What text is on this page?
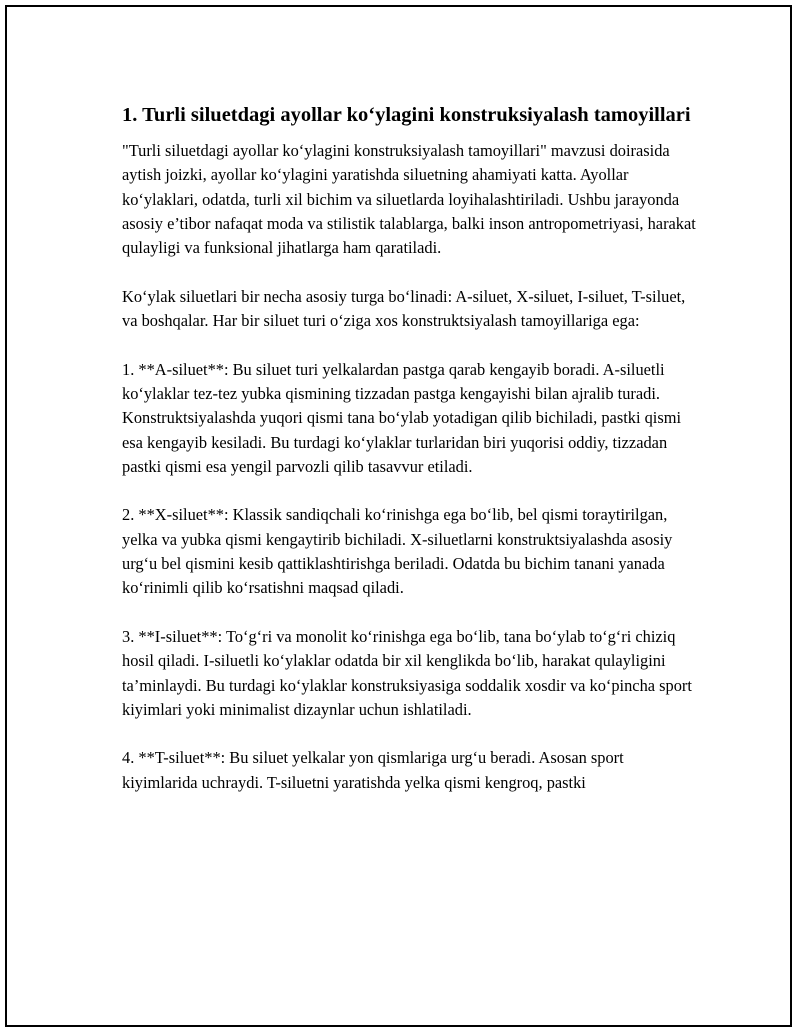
1. Turli siluetdagi ayollar ko‘ylagini konstruksiyalash tamoyillari

"Turli siluetdagi ayollar ko‘ylagini konstruksiyalash tamoyillari" mavzusi doirasida aytish joizki, ayollar ko‘ylagini yaratishda siluetning ahamiyati katta. Ayollar ko‘ylaklari, odatda, turli xil bichim va siluetlarda loyihalashtiriladi. Ushbu jarayonda asosiy e’tibor nafaqat moda va stilistik talablarga, balki inson antropometriyasi, harakat qulayligi va funksional jihatlarga ham qaratiladi.

Ko‘ylak siluetlari bir necha asosiy turga bo‘linadi: A-siluet, X-siluet, I-siluet, T-siluet, va boshqalar. Har bir siluet turi o‘ziga xos konstruktsiyalash tamoyillariga ega:

1. **A-siluet**: Bu siluet turi yelkalardan pastga qarab kengayib boradi. A-siluetli ko‘ylaklar tez-tez yubka qismining tizzadan pastga kengayishi bilan ajralib turadi. Konstruktsiyalashda yuqori qismi tana bo‘ylab yotadigan qilib bichiladi, pastki qismi esa kengayib kesiladi. Bu turdagi ko‘ylaklar turlaridan biri yuqorisi oddiy, tizzadan pastki qismi esa yengil parvozli qilib tasavvur etiladi.

2. **X-siluet**: Klassik sandiqchali ko‘rinishga ega bo‘lib, bel qismi toraytirilgan, yelka va yubka qismi kengaytirib bichiladi. X-siluetlarni konstruktsiyalashda asosiy urg‘u bel qismini kesib qattiklashtirishga beriladi. Odatda bu bichim tanani yanada ko‘rinimli qilib ko‘rsatishni maqsad qiladi.

3. **I-siluet**: To‘g‘ri va monolit ko‘rinishga ega bo‘lib, tana bo‘ylab to‘g‘ri chiziq hosil qiladi. I-siluetli ko‘ylaklar odatda bir xil kenglikda bo‘lib, harakat qulayligini ta’minlaydi. Bu turdagi ko‘ylaklar konstruksiyasiga soddalik xosdir va ko‘pincha sport kiyimlari yoki minimalist dizaynlar uchun ishlatiladi.

4. **T-siluet**: Bu siluet yelkalar yon qismlariga urg‘u beradi. Asosan sport kiyimlarida uchraydi. T-siluetni yaratishda yelka qismi kengroq, pastki
